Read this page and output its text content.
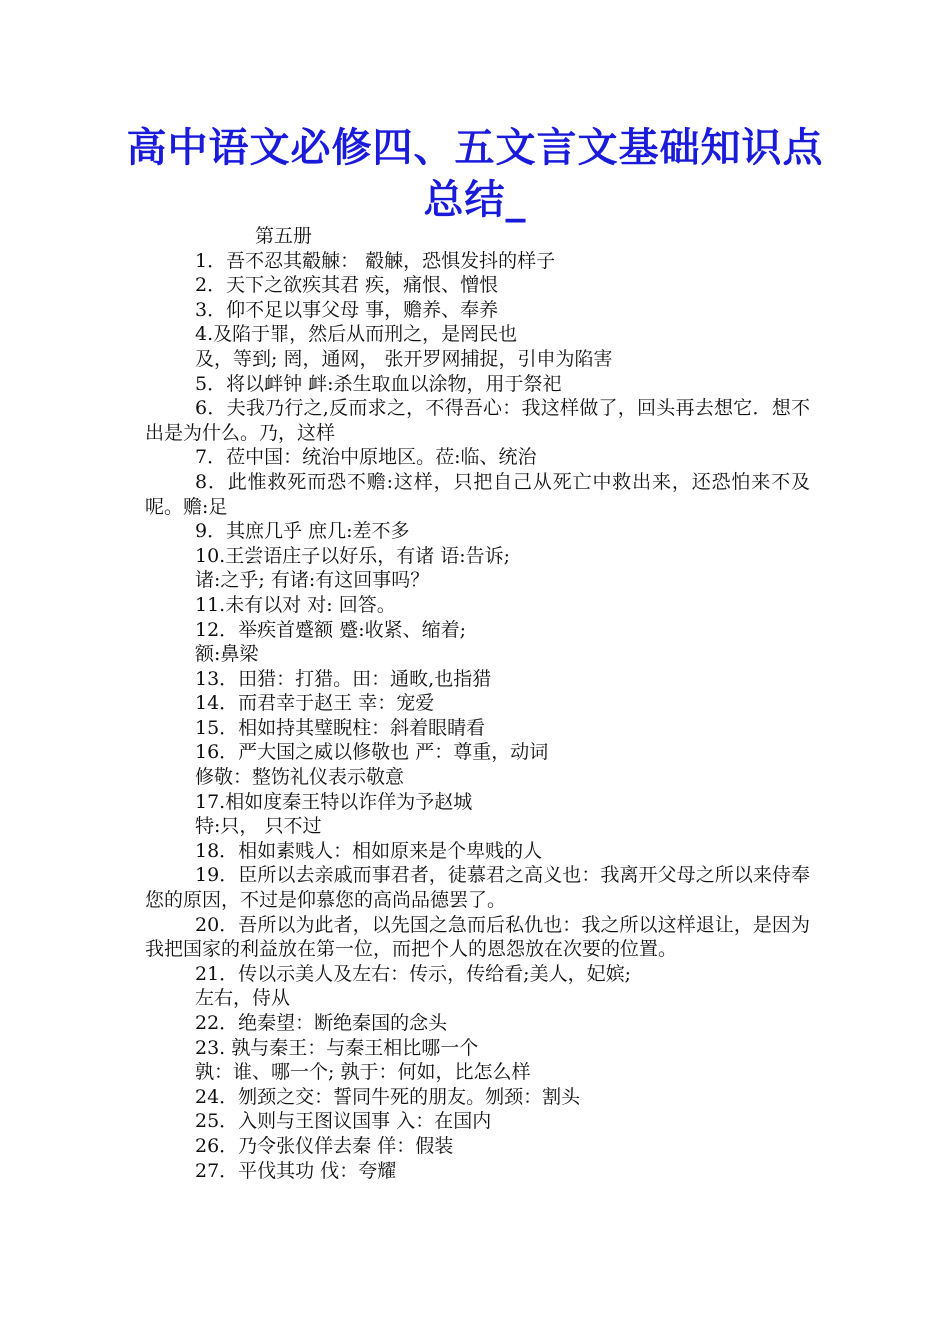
高中语文必修四、五文言文基础知识点总结_
第五册
1．吾不忍其觳觫： 觳觫，恐惧发抖的样子
2．天下之欲疾其君 疾，痛恨、憎恨
3．仰不足以事父母 事，赡养、奉养
4.及陷于罪，然后从而刑之，是罔民也
及，等到; 罔，通网， 张开罗网捕捉，引申为陷害
5．将以衅钟 衅:杀生取血以涂物，用于祭祀
6．夫我乃行之,反而求之，不得吾心：我这样做了，回头再去想它．想不出是为什么。乃，这样
7．莅中国：统治中原地区。莅:临、统治
8．此惟救死而恐不赡:这样，只把自己从死亡中救出来，还恐怕来不及呢。赡:足
9．其庶几乎 庶几:差不多
10.王尝语庄子以好乐，有诸 语:告诉;
诸:之乎; 有诸:有这回事吗？
11.未有以对 对: 回答。
12．举疾首蹙额 蹙:收紧、缩着;
额:鼻梁
13．田猎：打猎。田：通畋,也指猎
14．而君幸于赵王 幸：宠爱
15．相如持其璧睨柱：斜着眼睛看
16．严大国之威以修敬也 严：尊重，动词
修敬：整饬礼仪表示敬意
17.相如度秦王特以诈佯为予赵城
特:只， 只不过
18．相如素贱人：相如原来是个卑贱的人
19．臣所以去亲戚而事君者，徒慕君之高义也：我离开父母之所以来侍奉您的原因，不过是仰慕您的高尚品德罢了。
20．吾所以为此者，以先国之急而后私仇也：我之所以这样退让，是因为我把国家的利益放在第一位，而把个人的恩怨放在次要的位置。
21．传以示美人及左右：传示，传给看;美人，妃嫔;
左右，侍从
22．绝秦望：断绝秦国的念头
23. 孰与秦王：与秦王相比哪一个
孰：谁、哪一个; 孰于：何如，比怎么样
24．刎颈之交：誓同牛死的朋友。刎颈：割头
25．入则与王图议国事 入：在国内
26．乃令张仪佯去秦 佯：假装
27．平伐其功 伐：夸耀
